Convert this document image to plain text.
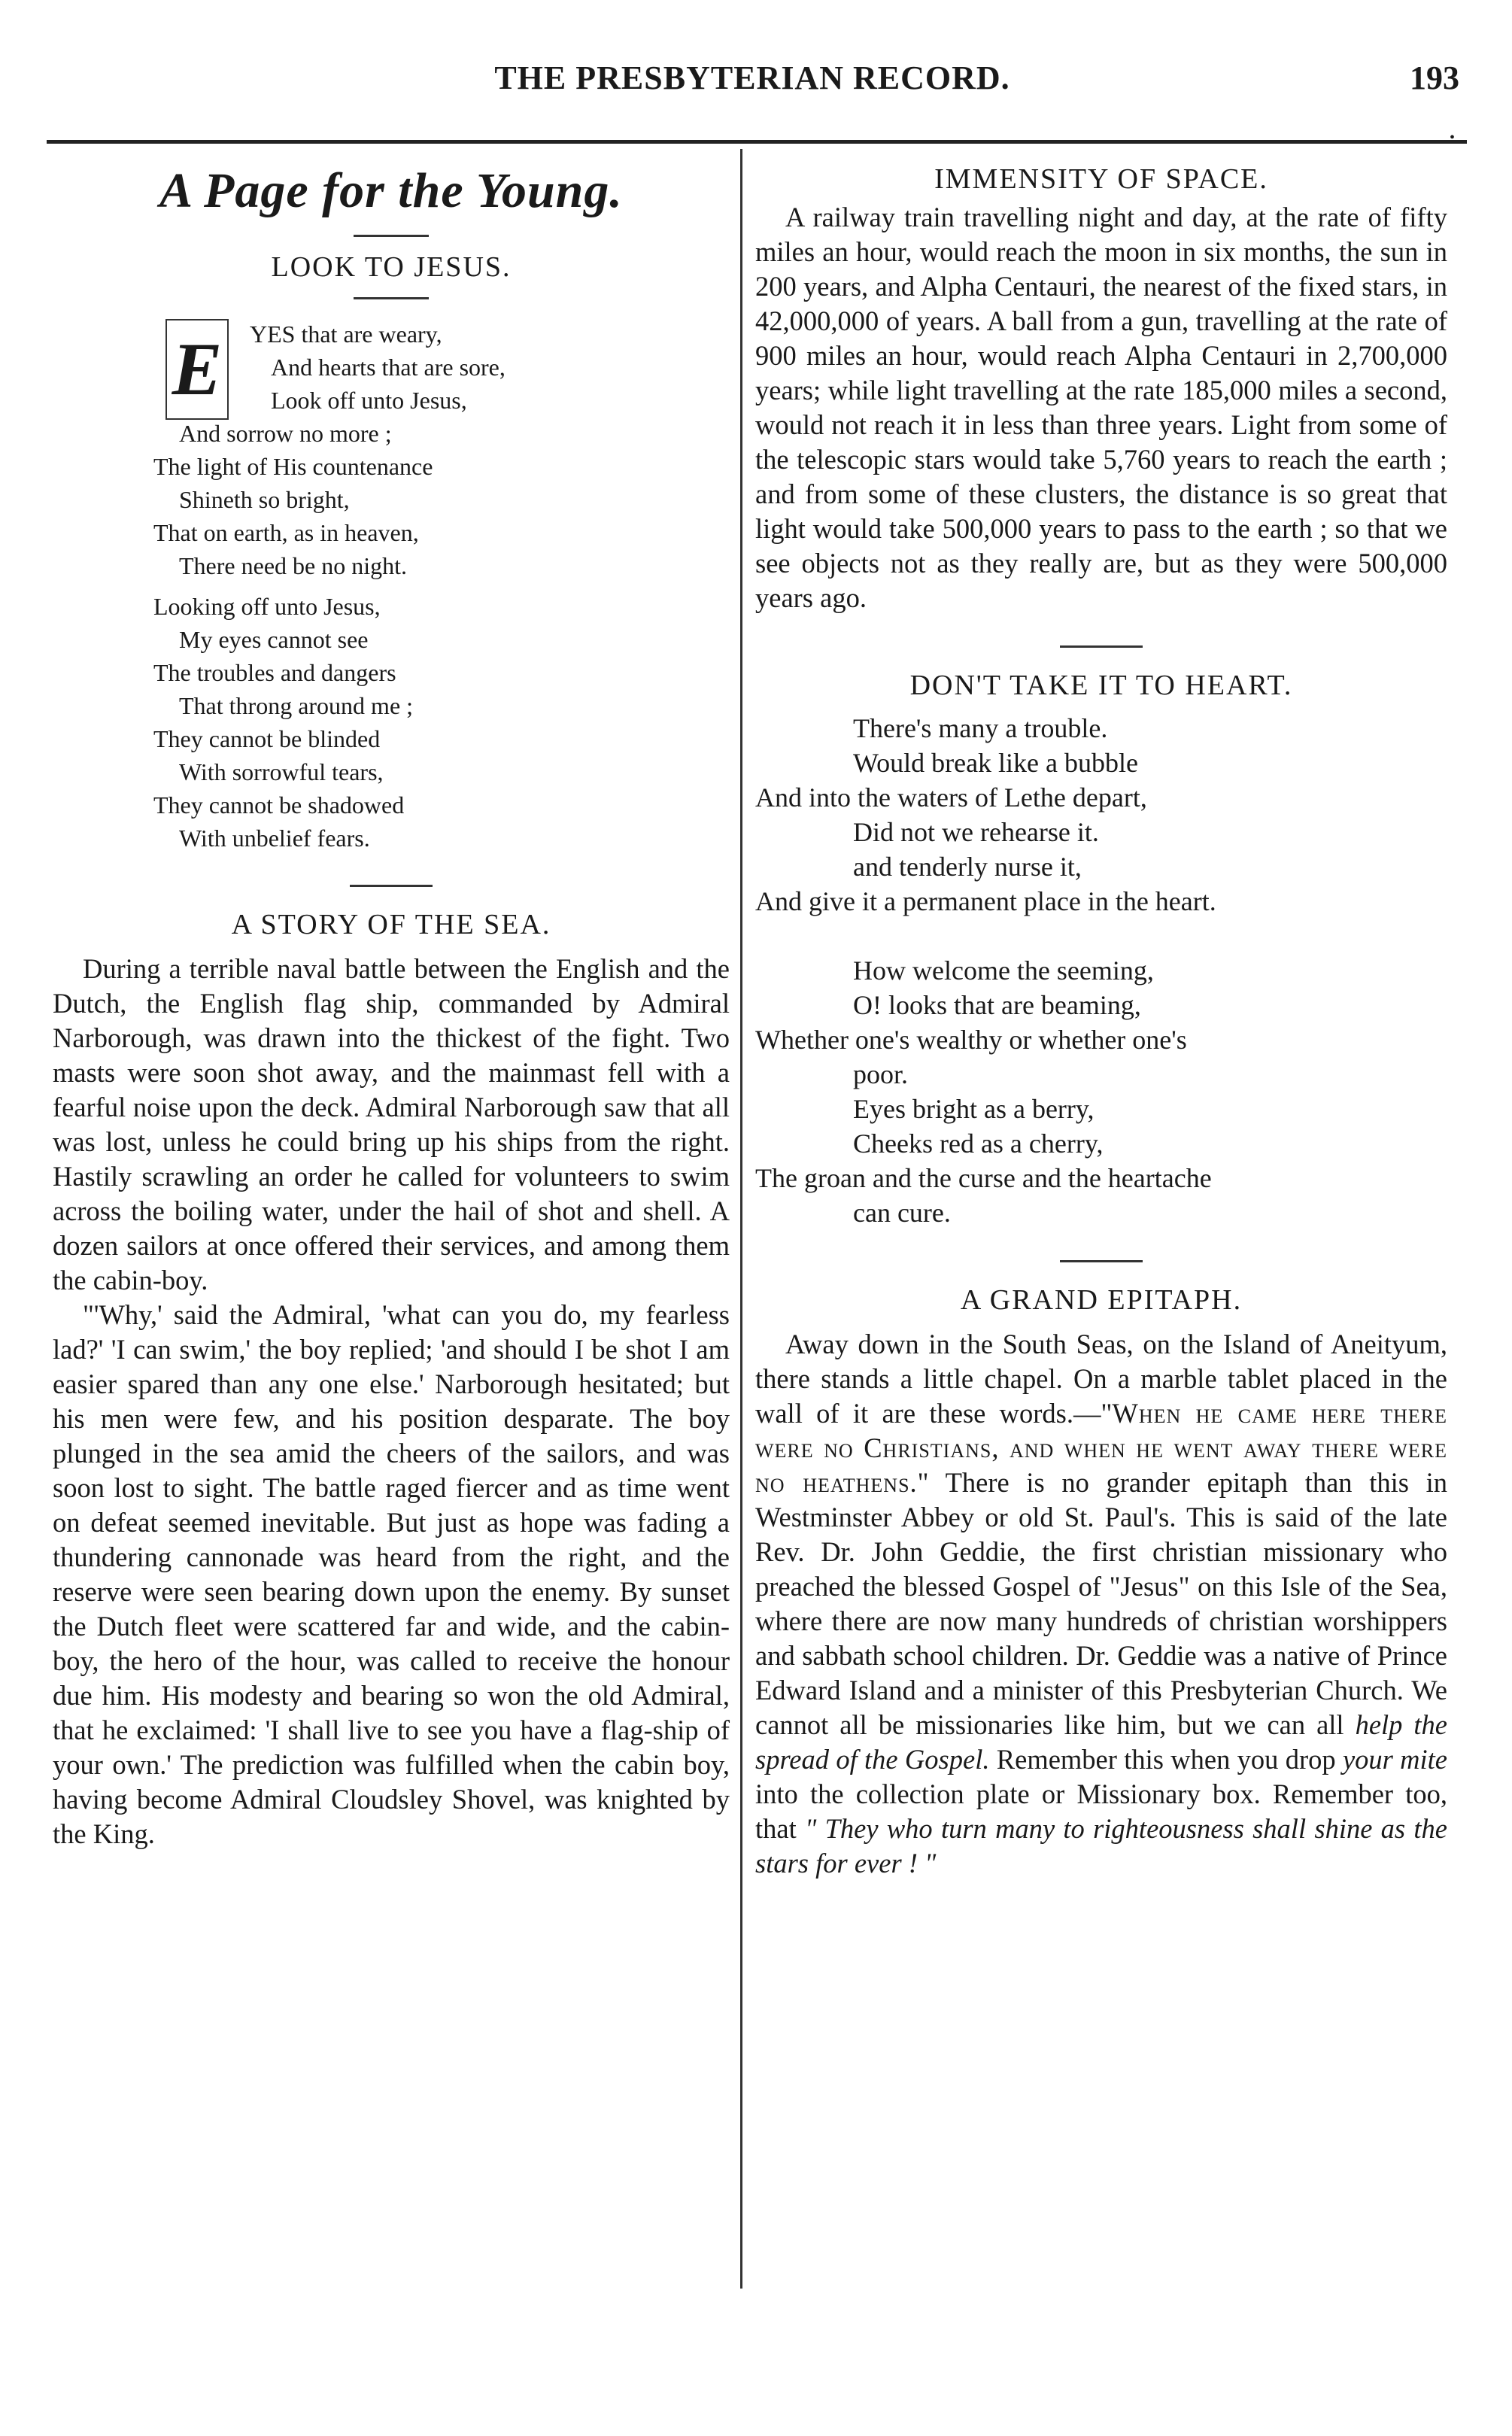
THE PRESBYTERIAN RECORD.	193
A Page for the Young.
LOOK TO JESUS.
E	YES that are weary,
And hearts that are sore,
Look off unto Jesus,
And sorrow no more ;
The light of His countenance
Shineth so bright,
That on earth, as in heaven,
There need be no night.
Looking off unto Jesus,
My eyes cannot see
The troubles and dangers
That throng around me ;
They cannot be blinded
With sorrowful tears,
They cannot be shadowed
With unbelief fears.
A STORY OF THE SEA.

During a terrible naval battle between the English and the Dutch, the English flag ship, commanded by Admiral Narborough, was drawn into the thickest of the fight. Two masts were soon shot away, and the mainmast fell with a fearful noise upon the deck. Admiral Narborough saw that all was lost, unless he could bring up his ships from the right. Hastily scrawling an order he called for volunteers to swim across the boiling water, under the hail of shot and shell. A dozen sailors at once offered their services, and among them the cabin-boy.

"'Why,' said the Admiral, 'what can you do, my fearless lad?' 'I can swim,' the boy replied; 'and should I be shot I am easier spared than any one else.' Narborough hesitated; but his men were few, and his position desparate. The boy plunged in the sea amid the cheers of the sailors, and was soon lost to sight. The battle raged fiercer and as time went on defeat seemed inevitable. But just as hope was fading a thundering cannonade was heard from the right, and the reserve were seen bearing down upon the enemy. By sunset the Dutch fleet were scattered far and wide, and the cabin-boy, the hero of the hour, was called to receive the honour due him. His modesty and bearing so won the old Admiral, that he exclaimed: 'I shall live to see you have a flag-ship of your own.' The prediction was fulfilled when the cabin boy, having become Admiral Cloudsley Shovel, was knighted by the King.

•
IMMENSITY OF SPACE.

A railway train travelling night and day, at the rate of fifty miles an hour, would reach the moon in six months, the sun in 200 years, and Alpha Centauri, the nearest of the fixed stars, in 42,000,000 of years. A ball from a gun, travelling at the rate of 900 miles an hour, would reach Alpha Centauri in 2,700,000 years; while light travelling at the rate 185,000 miles a second, would not reach it in less than three years. Light from some of the telescopic stars would take 5,760 years to reach the earth ; and from some of these clusters, the distance is so great that light would take 500,000 years to pass to the earth ; so that we see objects not as they really are, but as they were 500,000 years ago.

DON'T TAKE IT TO HEART.
There's many a trouble.
Would break like a bubble
And into the waters of Lethe depart,
Did not we rehearse it.
and tenderly nurse it,
And give it a permanent place in the heart.
How welcome the seeming,
O! looks that are beaming,
Whether one's wealthy or whether one's
poor.
Eyes bright as a berry,
Cheeks red as a cherry,
The groan and the curse and the heartache
can cure.
A GRAND EPITAPH.

Away down in the South Seas, on the Island of Aneityum, there stands a little chapel. On a marble tablet placed in the wall of it are these words.—"When he came here there were no Christians, and when he went away there were no heathens." There is no grander epitaph than this in Westminster Abbey or old St. Paul's. This is said of the late Rev. Dr. John Geddie, the first christian missionary who preached the blessed Gospel of "Jesus" on this Isle of the Sea, where there are now many hundreds of christian worshippers and sabbath school children. Dr. Geddie was a native of Prince Edward Island and a minister of this Presbyterian Church. We cannot all be missionaries like him, but we can all help the spread of the Gospel. Remember this when you drop your mite into the collection plate or Missionary box. Remember too, that " They who turn many to righteousness shall shine as the stars for ever ! "
